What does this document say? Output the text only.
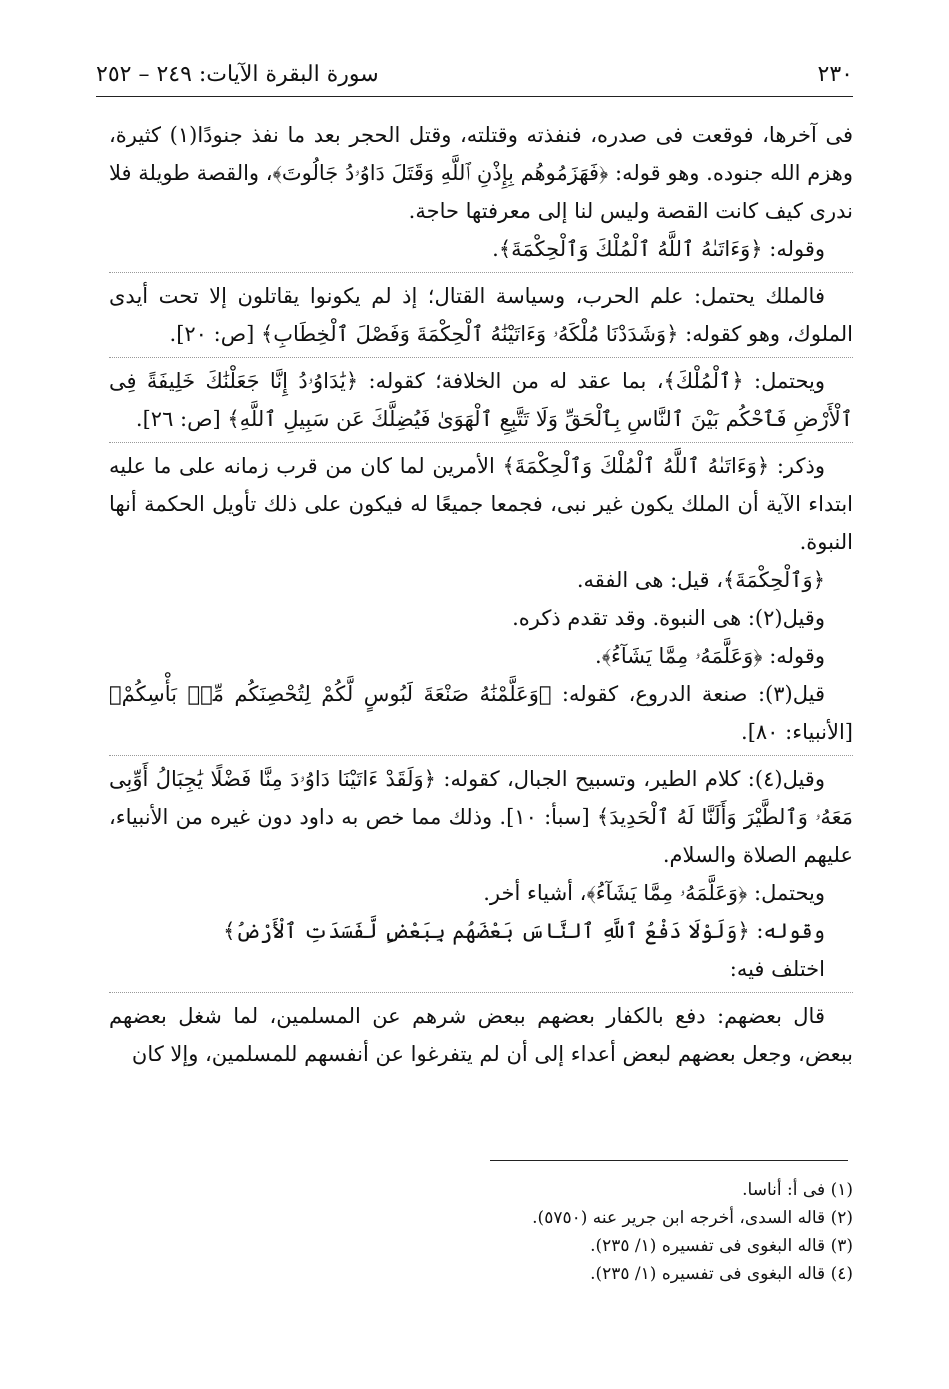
٢٣٠
سورة البقرة الآيات: ٢٤٩ – ٢٥٢

فى آخرها، فوقعت فى صدره، فنفذته وقتلته، وقتل الحجر بعد ما نفذ جنودًا(١) كثيرة، وهزم الله جنوده. وهو قوله: ﴿فَهَزَمُوهُم بِإِذْنِ ٱللَّهِ وَقَتَلَ دَاوُۥدُ جَالُوتَ﴾، والقصة طويلة فلا ندرى كيف كانت القصة وليس لنا إلى معرفتها حاجة.

وقوله: ﴿وَءَاتَىٰهُ ٱللَّهُ ٱلْمُلْكَ وَٱلْحِكْمَةَ﴾.

فالملك يحتمل: علم الحرب، وسياسة القتال؛ إذ لم يكونوا يقاتلون إلا تحت أيدى الملوك، وهو كقوله: ﴿وَشَدَدْنَا مُلْكَهُۥ وَءَاتَيْنَٰهُ ٱلْحِكْمَةَ وَفَصْلَ ٱلْخِطَابِ﴾ [ص: ٢٠].

ويحتمل: ﴿ٱلْمُلْكَ﴾، بما عقد له من الخلافة؛ كقوله: ﴿يَٰدَاوُۥدُ إِنَّا جَعَلْنَٰكَ خَلِيفَةً فِى ٱلْأَرْضِ فَٱحْكُم بَيْنَ ٱلنَّاسِ بِٱلْحَقِّ وَلَا تَتَّبِعِ ٱلْهَوَىٰ فَيُضِلَّكَ عَن سَبِيلِ ٱللَّهِ﴾ [ص: ٢٦].

وذكر: ﴿وَءَاتَىٰهُ ٱللَّهُ ٱلْمُلْكَ وَٱلْحِكْمَةَ﴾ الأمرين لما كان من قرب زمانه على ما عليه ابتداء الآية أن الملك يكون غير نبى، فجمعا جميعًا له فيكون على ذلك تأويل الحكمة أنها النبوة.

﴿وَٱلْحِكْمَةَ﴾، قيل: هى الفقه.

وقيل(٢): هى النبوة. وقد تقدم ذكره.

وقوله: ﴿وَعَلَّمَهُۥ مِمَّا يَشَآءُ﴾.

قيل(٣): صنعة الدروع، كقوله: ﴿وَعَلَّمْنَٰهُ صَنْعَةَ لَبُوسٍ لَّكُمْ لِتُحْصِنَكُم مِّنۢ بَأْسِكُمْ﴾ [الأنبياء: ٨٠].

وقيل(٤): كلام الطير، وتسبيح الجبال، كقوله: ﴿وَلَقَدْ ءَاتَيْنَا دَاوُۥدَ مِنَّا فَضْلًا يَٰجِبَالُ أَوِّبِى مَعَهُۥ وَٱلطَّيْرَ وَأَلَنَّا لَهُ ٱلْحَدِيدَ﴾ [سبأ: ١٠]. وذلك مما خص به داود دون غيره من الأنبياء، عليهم الصلاة والسلام.

ويحتمل: ﴿وَعَلَّمَهُۥ مِمَّا يَشَآءُ﴾، أشياء أخر.

وقوله: ﴿وَلَوْلَا دَفْعُ ٱللَّهِ ٱلنَّاسَ بَعْضَهُم بِبَعْضٍ لَّفَسَدَتِ ٱلْأَرْضُ﴾

اختلف فيه:

قال بعضهم: دفع بالكفار بعضهم ببعض شرهم عن المسلمين، لما شغل بعضهم ببعض، وجعل بعضهم لبعض أعداء إلى أن لم يتفرغوا عن أنفسهم للمسلمين، وإلا كان

(١) فى أ: أناسا.

(٢) قاله السدى، أخرجه ابن جرير عنه (٥٧٥٠).

(٣) قاله البغوى فى تفسيره (١/ ٢٣٥).

(٤) قاله البغوى فى تفسيره (١/ ٢٣٥).
